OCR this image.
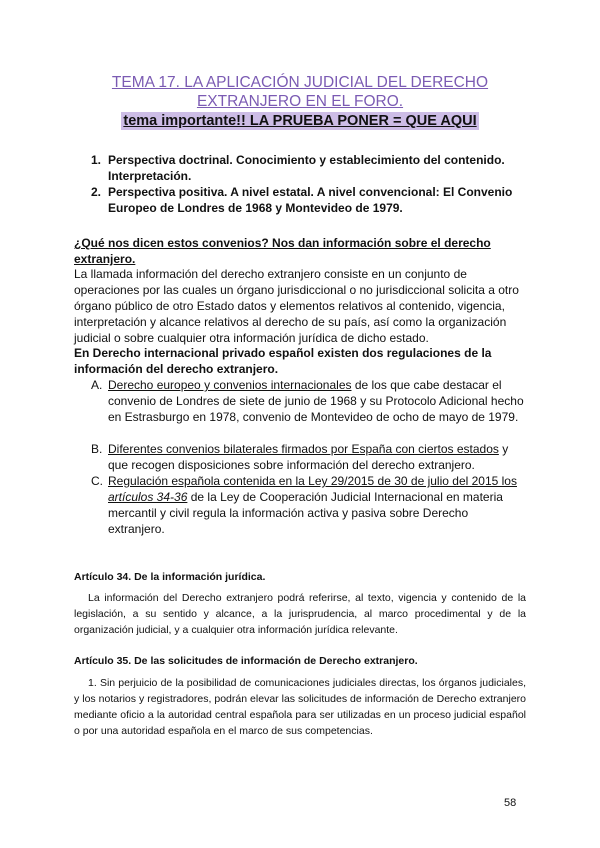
TEMA 17. LA APLICACIÓN JUDICIAL DEL DERECHO
EXTRANJERO EN EL FORO.
tema importante!! LA PRUEBA PONER = QUE AQUI
1. Perspectiva doctrinal. Conocimiento y establecimiento del contenido. Interpretación.
2. Perspectiva positiva. A nivel estatal. A nivel convencional: El Convenio Europeo de Londres de 1968 y Montevideo de 1979.
¿Qué nos dicen estos convenios? Nos dan información sobre el derecho extranjero.
La llamada información del derecho extranjero consiste en un conjunto de operaciones por las cuales un órgano jurisdiccional o no jurisdiccional solicita a otro órgano público de otro Estado datos y elementos relativos al contenido, vigencia, interpretación y alcance relativos al derecho de su país, así como la organización judicial o sobre cualquier otra información jurídica de dicho estado.
En Derecho internacional privado español existen dos regulaciones de la información del derecho extranjero.
A. Derecho europeo y convenios internacionales de los que cabe destacar el convenio de Londres de siete de junio de 1968 y su Protocolo Adicional hecho en Estrasburgo en 1978, convenio de Montevideo de ocho de mayo de 1979.
B. Diferentes convenios bilaterales firmados por España con ciertos estados y que recogen disposiciones sobre información del derecho extranjero.
C. Regulación española contenida en la Ley 29/2015 de 30 de julio del 2015 los artículos 34-36 de la Ley de Cooperación Judicial Internacional en materia mercantil y civil regula la información activa y pasiva sobre Derecho extranjero.
Artículo 34. De la información jurídica.
La información del Derecho extranjero podrá referirse, al texto, vigencia y contenido de la legislación, a su sentido y alcance, a la jurisprudencia, al marco procedimental y de la organización judicial, y a cualquier otra información jurídica relevante.
Artículo 35. De las solicitudes de información de Derecho extranjero.
1. Sin perjuicio de la posibilidad de comunicaciones judiciales directas, los órganos judiciales, y los notarios y registradores, podrán elevar las solicitudes de información de Derecho extranjero mediante oficio a la autoridad central española para ser utilizadas en un proceso judicial español o por una autoridad española en el marco de sus competencias.
58
